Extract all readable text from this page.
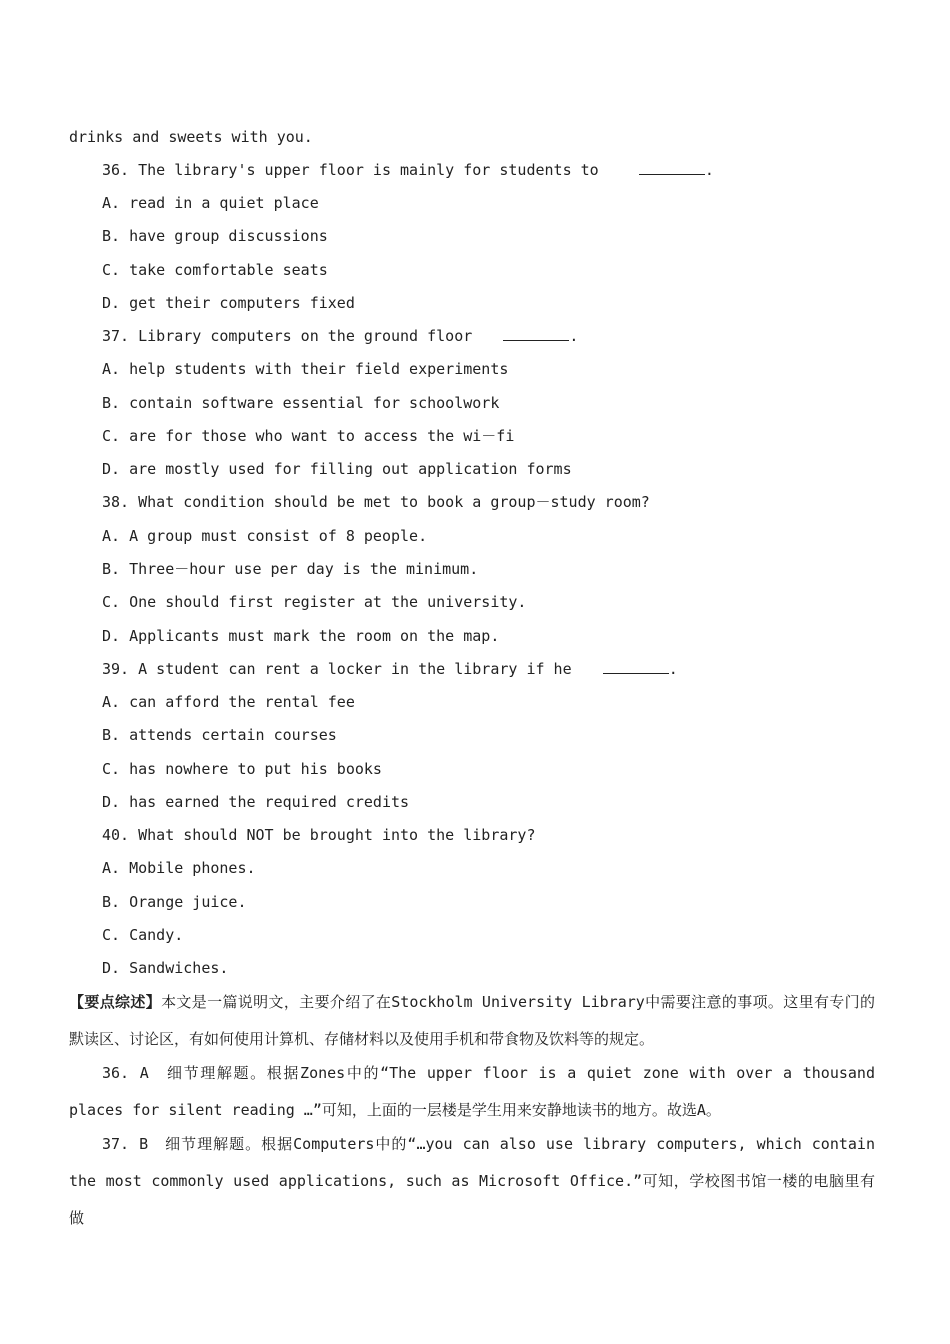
drinks and sweets with you.
36. The library's upper floor is mainly for students to	.
A. read in a quiet place
B. have group discussions
C. take comfortable seats
D. get their computers fixed
37. Library computers on the ground floor	.
A. help students with their field experiments
B. contain software essential for schoolwork
C. are for those who want to access the wi－fi
D. are mostly used for filling out application forms
38. What condition should be met to book a group－study room?
A. A group must consist of 8 people.
B. Three－hour use per day is the minimum.
C. One should first register at the university.
D. Applicants must mark the room on the map.
39. A student can rent a locker in the library if he	.
A. can afford the rental fee
B. attends certain courses
C. has nowhere to put his books
D. has earned the required credits
40. What should NOT be brought into the library?
A. Mobile phones.
B. Orange juice.
C. Candy.
D. Sandwiches.
【要点综述】本文是一篇说明文，主要介绍了在Stockholm University Library中需要注意的事项。这里有专门的默读区、讨论区，有如何使用计算机、存储材料以及使用手机和带食物及饮料等的规定。
36. A　细节理解题。根据Zones中的“The upper floor is a quiet zone with over a thousand places for silent reading …”可知，上面的一层楼是学生用来安静地读书的地方。故选A。
37. B　细节理解题。根据Computers中的“…you can also use library computers, which contain the most commonly used applications, such as Microsoft Office.”可知，学校图书馆一楼的电脑里有做
